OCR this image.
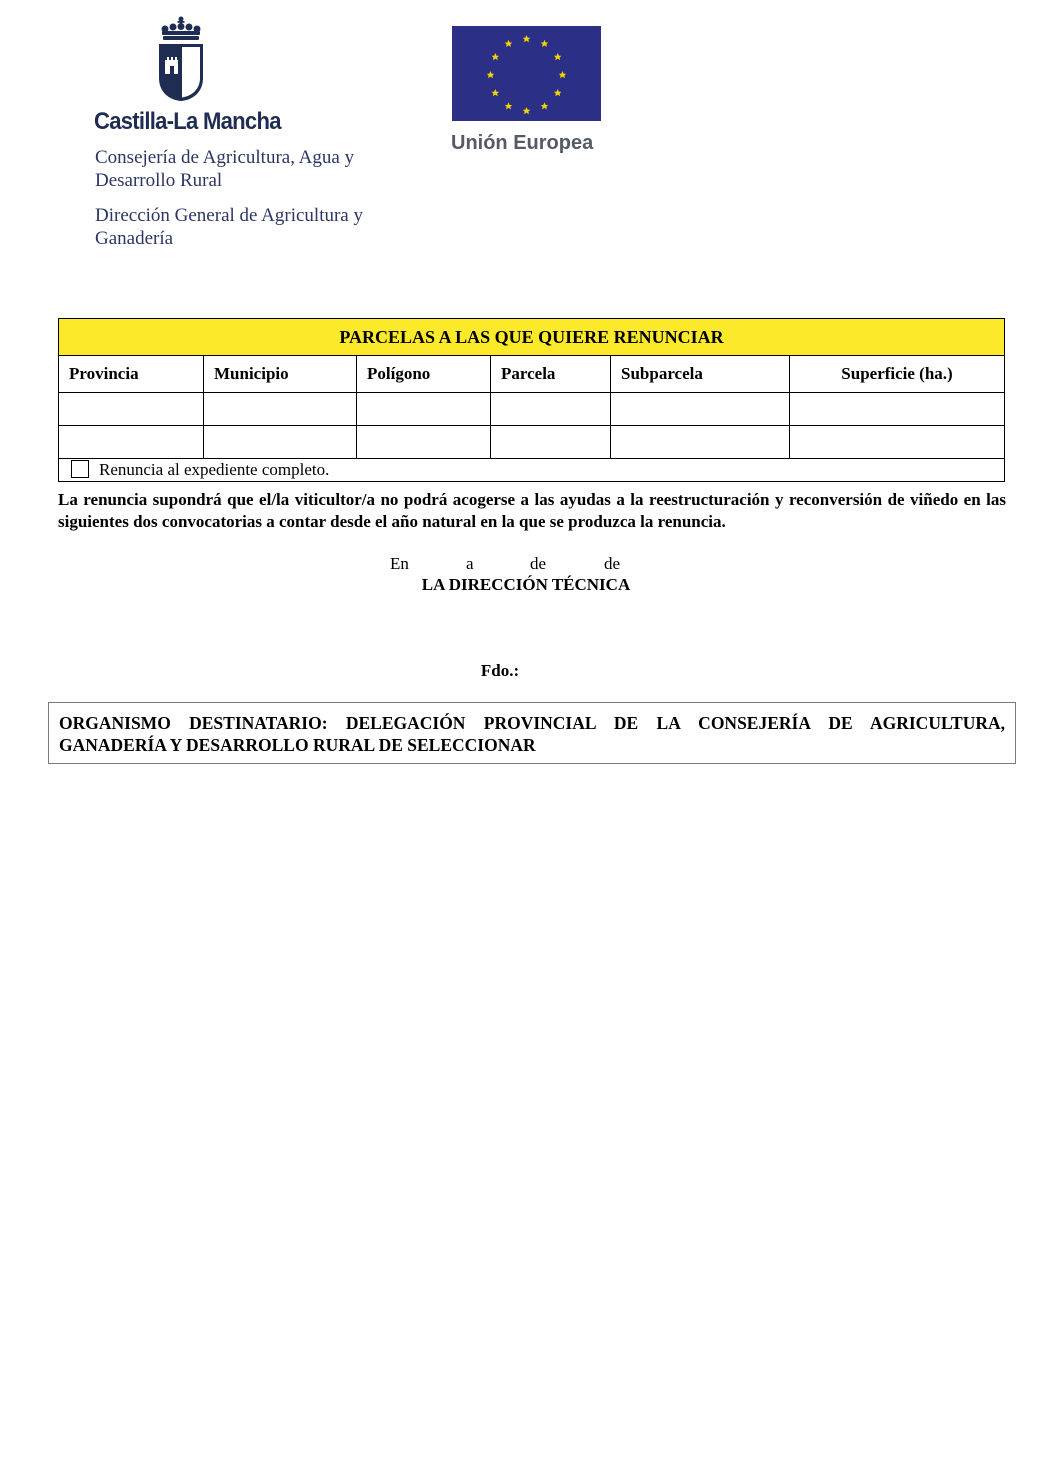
Castilla-La Mancha
Consejería de Agricultura, Agua y Desarrollo Rural
Dirección General de Agricultura y Ganadería
Unión Europea
PARCELAS A LAS QUE QUIERE RENUNCIAR					
Provincia	Municipio	Polígono	Parcela	Subparcela	Superficie (ha.)

Renuncia al expediente completo.					
La renuncia supondrá que el/la viticultor/a no podrá acogerse a las ayudas a la reestructuración y reconversión de viñedo en las siguientes dos convocatorias a contar desde el año natural en la que se produzca la renuncia.
En	a	de	de
LA DIRECCIÓN TÉCNICA
Fdo.:
ORGANISMO DESTINATARIO: DELEGACIÓN PROVINCIAL DE LA CONSEJERÍA DE AGRICULTURA, GANADERÍA Y DESARROLLO RURAL DE SELECCIONAR
